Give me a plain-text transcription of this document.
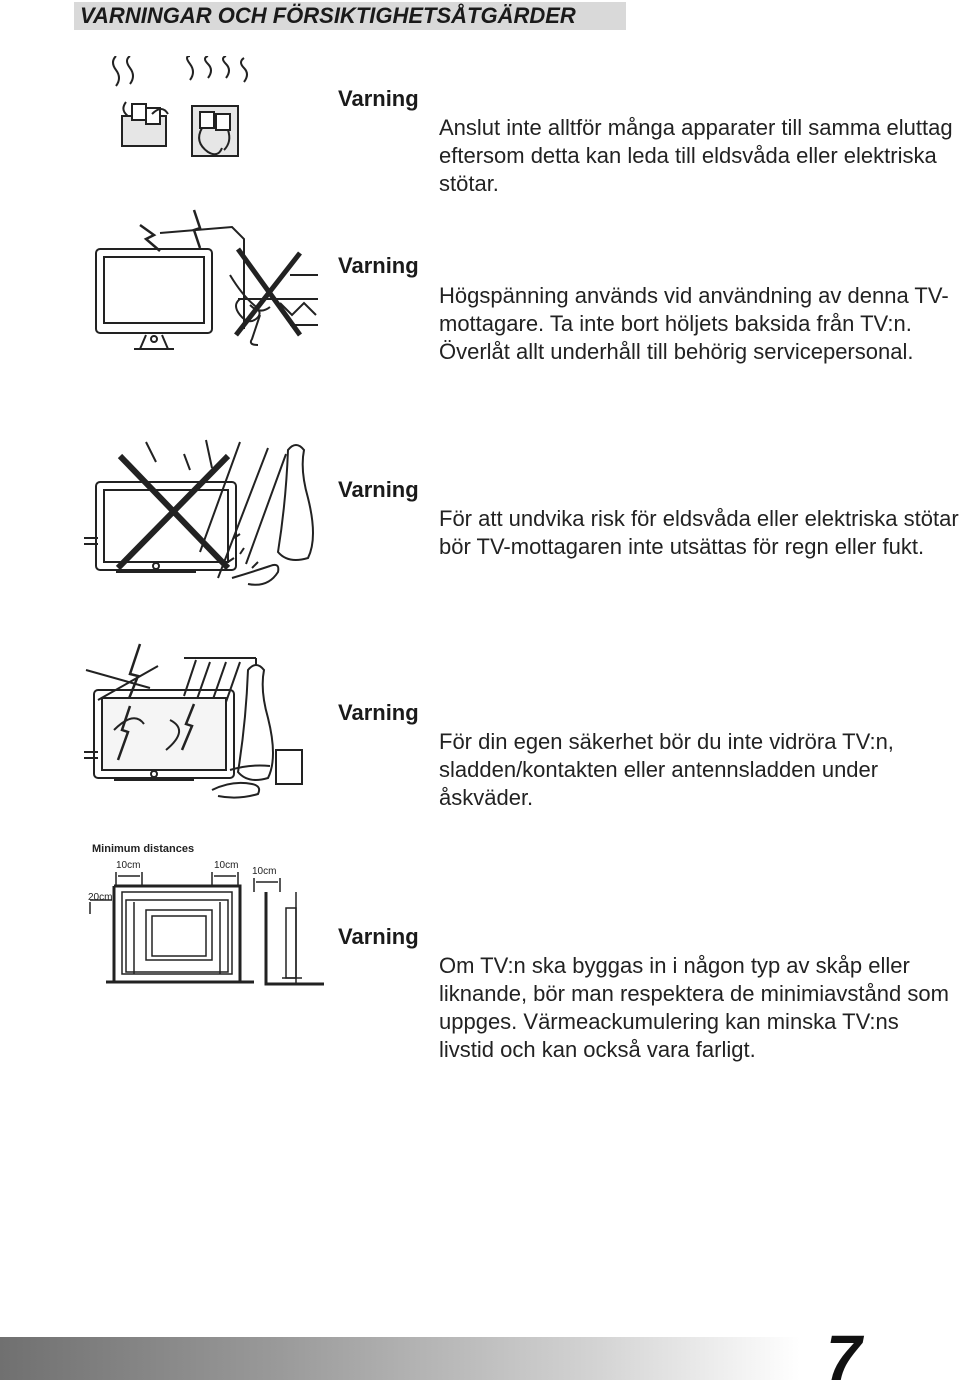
VARNINGAR OCH FÖRSIKTIGHETSÅTGÄRDER
Minimum distances
10cm	10cm
10cm
20cm
Varning
Anslut inte alltför många apparater till samma eluttag eftersom detta kan leda till eldsvåda eller elektriska stötar.
Varning
Högspänning används vid användning av denna TV-mottagare. Ta inte bort höljets baksida från TV:n. Överlåt allt underhåll till behörig servicepersonal.
Varning
För att undvika risk för eldsvåda eller elektriska stötar bör TV-mottagaren inte utsättas för regn eller fukt.
Varning
För din egen säkerhet bör du inte vidröra TV:n, sladden/kontakten eller antennsladden under åskväder.
Varning
Om TV:n ska byggas in i någon typ av skåp eller liknande, bör man respektera de minimiavstånd som uppges. Värmeackumulering kan minska TV:ns livstid och kan också vara farligt.
7
